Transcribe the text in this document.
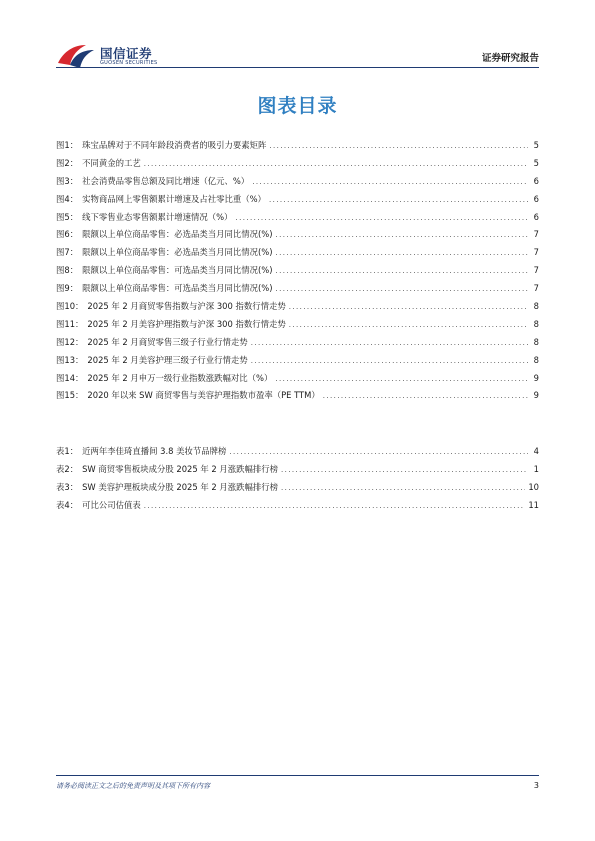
国信证券
GUOSEN SECURITIES	证券研究报告
图表目录
图1： 珠宝品牌对于不同年龄段消费者的吸引力要素矩阵 .....	5
图2： 不同黄金的工艺 .....	5
图3： 社会消费品零售总额及同比增速（亿元、%） .....	6
图4： 实物商品网上零售额累计增速及占社零比重（%） .....	6
图5： 线下零售业态零售额累计增速情况（%） .....	6
图6： 限额以上单位商品零售：必选品类当月同比情况(%) .....	7
图7： 限额以上单位商品零售：必选品类当月同比情况(%) .....	7
图8： 限额以上单位商品零售：可选品类当月同比情况(%) .....	7
图9： 限额以上单位商品零售：可选品类当月同比情况(%) .....	7
图10： 2025 年 2 月商贸零售指数与沪深 300 指数行情走势 .....	8
图11： 2025 年 2 月美容护理指数与沪深 300 指数行情走势 .....	8
图12： 2025 年 2 月商贸零售三级子行业行情走势 .....	8
图13： 2025 年 2 月美容护理三级子行业行情走势 .....	8
图14： 2025 年 2 月申万一级行业指数涨跌幅对比（%） .....	9
图15： 2020 年以来 SW 商贸零售与美容护理指数市盈率（PE TTM） .....	9
表1： 近两年李佳琦直播间 3.8 美妆节品牌榜 .....	4
表2： SW 商贸零售板块成分股 2025 年 2 月涨跌幅排行榜 .....	1
表3： SW 美容护理板块成分股 2025 年 2 月涨跌幅排行榜 .....	10
表4： 可比公司估值表 .....	11
请务必阅读正文之后的免责声明及其项下所有内容	3
